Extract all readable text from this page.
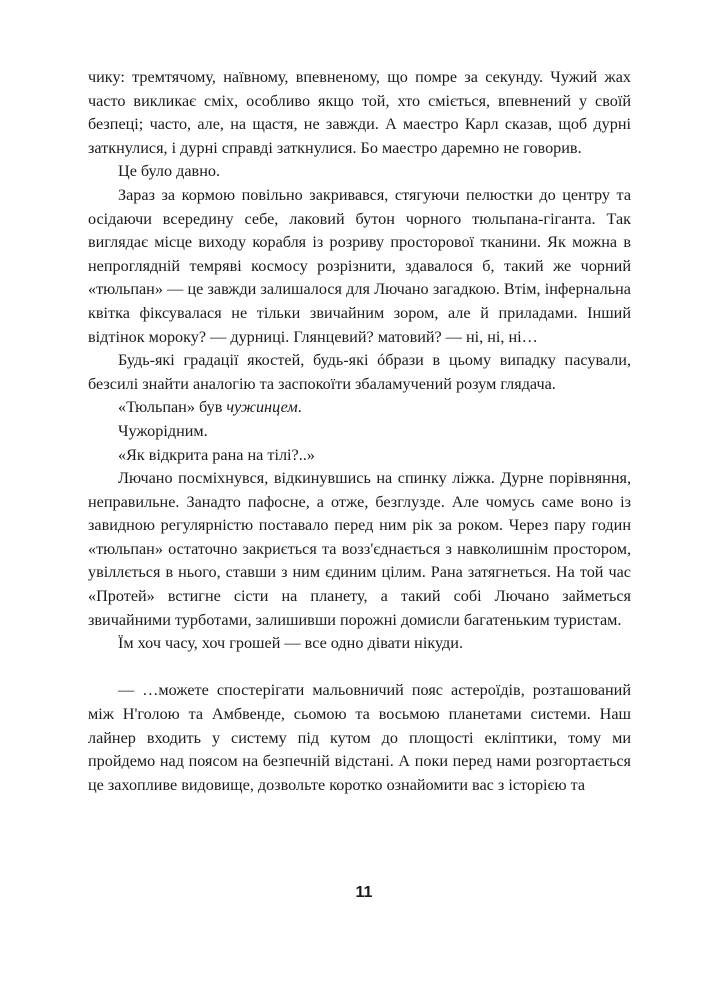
чику: тремтячому, наївному, впевненому, що помре за секунду. Чужий жах часто викликає сміх, особливо якщо той, хто сміється, впевнений у своїй безпеці; часто, але, на щастя, не завжди. А маестро Карл сказав, щоб дурні заткнулися, і дурні справді заткнулися. Бо маестро даремно не говорив.

Це було давно.

Зараз за кормою повільно закривався, стягуючи пелюстки до центру та осідаючи всередину себе, лаковий бутон чорного тюльпана-гіганта. Так виглядає місце виходу корабля із розриву просторової тканини. Як можна в непроглядній темряві космосу розрізнити, здавалося б, такий же чорний «тюльпан» — це завжди залишалося для Лючано загадкою. Втім, інфернальна квітка фіксувалася не тільки звичайним зором, але й приладами. Інший відтінок мороку? — дурниці. Глянцевий? матовий? — ні, ні, ні…

Будь-які градації якостей, будь-які óбрази в цьому випадку пасували, безсилі знайти аналогію та заспокоїти збаламучений розум глядача.

«Тюльпан» був чужинцем.

Чужорідним.

«Як відкрита рана на тілі?..»

Лючано посміхнувся, відкинувшись на спинку ліжка. Дурне порівняння, неправильне. Занадто пафосне, а отже, безглузде. Але чомусь саме воно із завидною регулярністю поставало перед ним рік за роком. Через пару годин «тюльпан» остаточно закриється та возз'єднається з навколишнім простором, увіллється в нього, ставши з ним єдиним цілим. Рана затягнеться. На той час «Протей» встигне сісти на планету, а такий собі Лючано займеться звичайними турботами, залишивши порожні домисли багатеньким туристам.

Їм хоч часу, хоч грошей — все одно дівати нікуди.

— …можете спостерігати мальовничий пояс астероїдів, розташований між Н'голою та Амбвенде, сьомою та восьмою планетами системи. Наш лайнер входить у систему під кутом до площості екліптики, тому ми пройдемо над поясом на безпечній відстані. А поки перед нами розгортається це захопливе видовище, дозвольте коротко ознайомити вас з історією та

11
